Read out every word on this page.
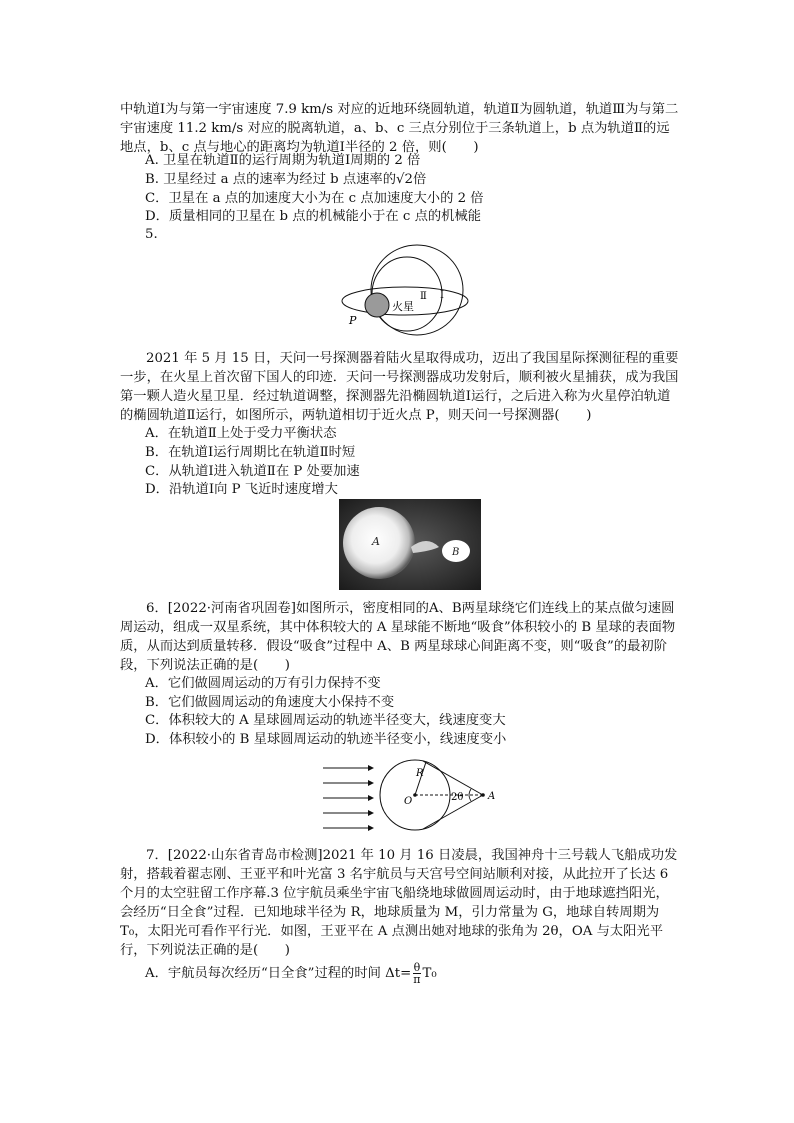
中轨道Ⅰ为与第一宇宙速度 7.9 km/s 对应的近地环绕圆轨道，轨道Ⅱ为圆轨道，轨道Ⅲ为与第二宇宙速度 11.2 km/s 对应的脱离轨道，a、b、c 三点分别位于三条轨道上，b 点为轨道Ⅱ的远地点，b、c 点与地心的距离均为轨道Ⅰ半径的 2 倍，则(　　)

A. 卫星在轨道Ⅱ的运行周期为轨道Ⅰ周期的 2 倍

B. 卫星经过 a 点的速率为经过 b 点速率的√2倍

C．卫星在 a 点的加速度大小为在 c 点加速度大小的 2 倍

D．质量相同的卫星在 b 点的机械能小于在 c 点的机械能

5.

火星
P
Ⅱ Ⅰ

2021 年 5 月 15 日，天问一号探测器着陆火星取得成功，迈出了我国星际探测征程的重要一步，在火星上首次留下国人的印迹．天问一号探测器成功发射后，顺利被火星捕获，成为我国第一颗人造火星卫星．经过轨道调整，探测器先沿椭圆轨道Ⅰ运行，之后进入称为火星停泊轨道的椭圆轨道Ⅱ运行，如图所示，两轨道相切于近火点 P，则天问一号探测器(　　)

A．在轨道Ⅱ上处于受力平衡状态

B．在轨道Ⅰ运行周期比在轨道Ⅱ时短

C．从轨道Ⅰ进入轨道Ⅱ在 P 处要加速

D．沿轨道Ⅰ向 P 飞近时速度增大

A
B

6．[2022·河南省巩固卷]如图所示，密度相同的A、B两星球绕它们连线上的某点做匀速圆周运动，组成一双星系统，其中体积较大的 A 星球能不断地“吸食”体积较小的 B 星球的表面物质，从而达到质量转移．假设“吸食”过程中 A、B 两星球球心间距离不变，则“吸食”的最初阶段，下列说法正确的是(　　)

A．它们做圆周运动的万有引力保持不变

B．它们做圆周运动的角速度大小保持不变

C．体积较大的 A 星球圆周运动的轨迹半径变大，线速度变大

D．体积较小的 B 星球圆周运动的轨迹半径变小，线速度变小

R
O	2θ A

7．[2022·山东省青岛市检测]2021 年 10 月 16 日凌晨，我国神舟十三号载人飞船成功发射，搭载着翟志刚、王亚平和叶光富 3 名宇航员与天宫号空间站顺利对接，从此拉开了长达 6 个月的太空驻留工作序幕.3 位宇航员乘坐宇宙飞船绕地球做圆周运动时，由于地球遮挡阳光，会经历“日全食”过程．已知地球半径为 R，地球质量为 M，引力常量为 G，地球自转周期为 T₀，太阳光可看作平行光．如图，王亚平在 A 点测出她对地球的张角为 2θ，OA 与太阳光平行，下列说法正确的是(　　)

A．宇航员每次经历“日全食”过程的时间 $\Delta t= \frac{\theta}{\pi} T_0$
